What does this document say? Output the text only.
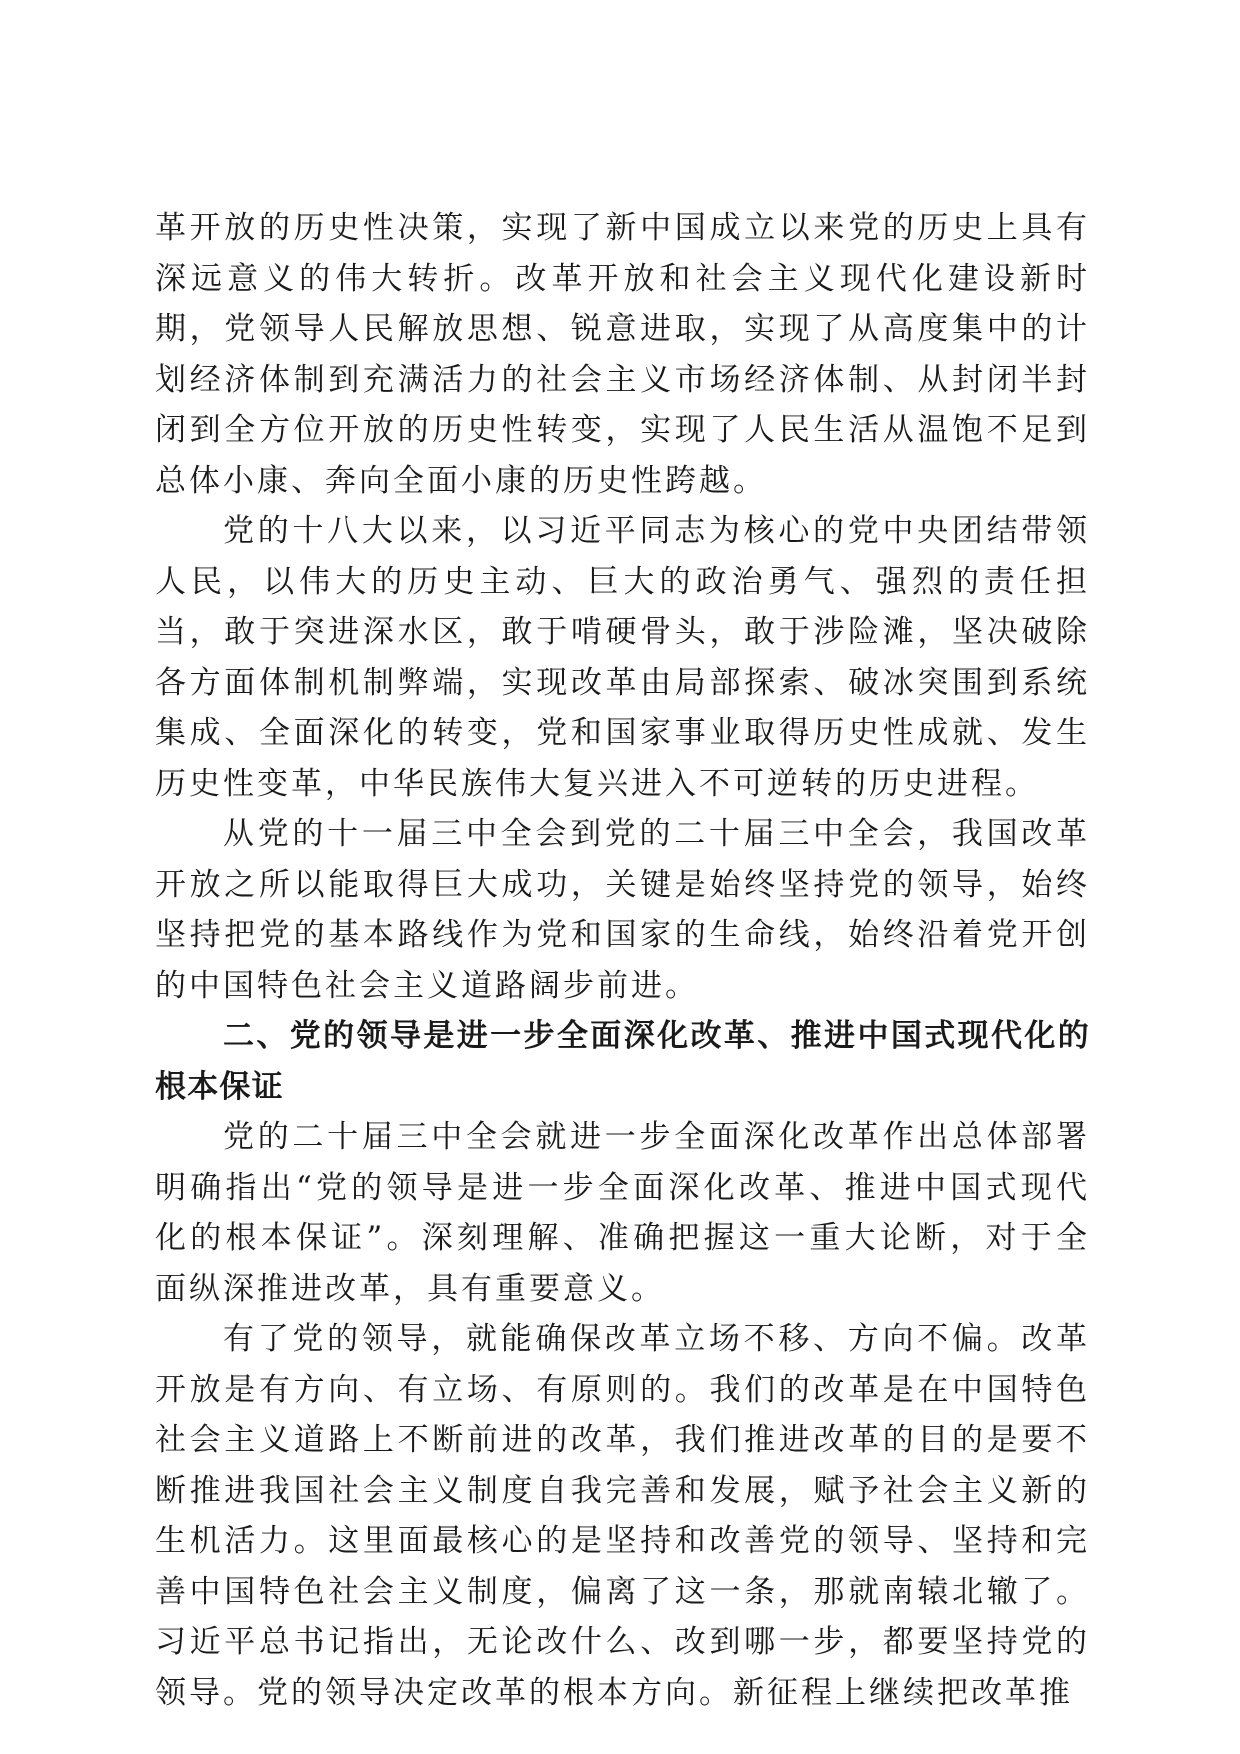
革开放的历史性决策，实现了新中国成立以来党的历史上具有深远意义的伟大转折。改革开放和社会主义现代化建设新时期，党领导人民解放思想、锐意进取，实现了从高度集中的计划经济体制到充满活力的社会主义市场经济体制、从封闭半封闭到全方位开放的历史性转变，实现了人民生活从温饱不足到总体小康、奔向全面小康的历史性跨越。

党的十八大以来，以习近平同志为核心的党中央团结带领人民，以伟大的历史主动、巨大的政治勇气、强烈的责任担当，敢于突进深水区，敢于啃硬骨头，敢于涉险滩，坚决破除各方面体制机制弊端，实现改革由局部探索、破冰突围到系统集成、全面深化的转变，党和国家事业取得历史性成就、发生历史性变革，中华民族伟大复兴进入不可逆转的历史进程。

从党的十一届三中全会到党的二十届三中全会，我国改革开放之所以能取得巨大成功，关键是始终坚持党的领导，始终坚持把党的基本路线作为党和国家的生命线，始终沿着党开创的中国特色社会主义道路阔步前进。

二、党的领导是进一步全面深化改革、推进中国式现代化的根本保证

党的二十届三中全会就进一步全面深化改革作出总体部署明确指出“党的领导是进一步全面深化改革、推进中国式现代化的根本保证”。深刻理解、准确把握这一重大论断，对于全面纵深推进改革，具有重要意义。

有了党的领导，就能确保改革立场不移、方向不偏。改革开放是有方向、有立场、有原则的。我们的改革是在中国特色社会主义道路上不断前进的改革，我们推进改革的目的是要不断推进我国社会主义制度自我完善和发展，赋予社会主义新的生机活力。这里面最核心的是坚持和改善党的领导、坚持和完善中国特色社会主义制度，偏离了这一条，那就南辕北辙了。习近平总书记指出，无论改什么、改到哪一步，都要坚持党的领导。党的领导决定改革的根本方向。新征程上继续把改革推
